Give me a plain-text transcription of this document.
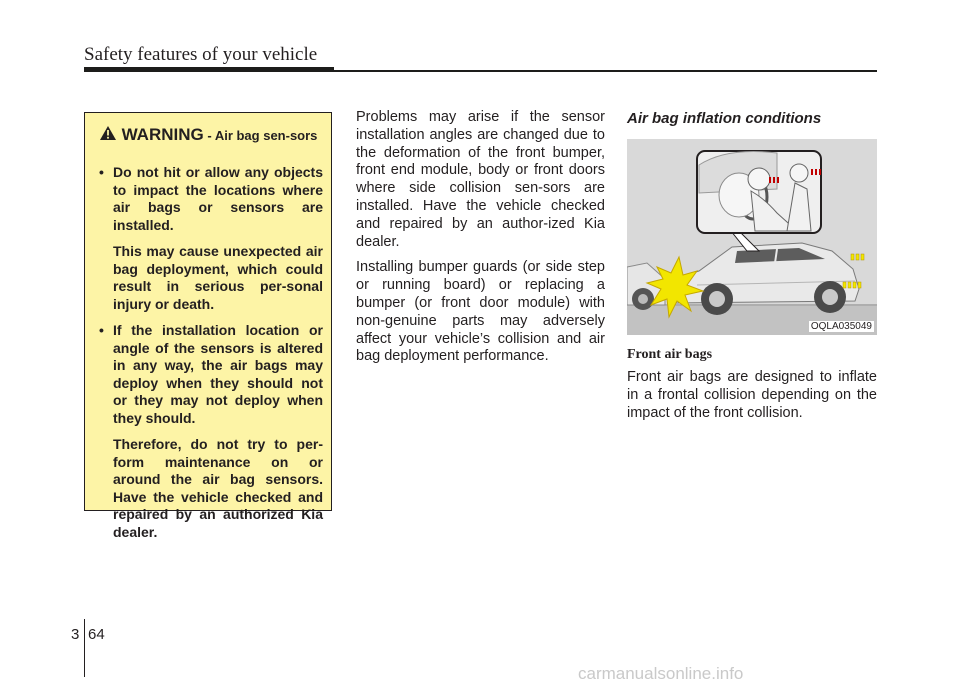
Safety features of your vehicle
WARNING - Air bag sen-sors
• Do not hit or allow any objects to impact the locations where air bags or sensors are installed.
This may cause unexpected air bag deployment, which could result in serious per-sonal injury or death.
• If the installation location or angle of the sensors is altered in any way, the air bags may deploy when they should not or they may not deploy when they should.
Therefore, do not try to per-form maintenance on or around the air bag sensors. Have the vehicle checked and repaired by an authorized Kia dealer.

Problems may arise if the sensor installation angles are changed due to the deformation of the front bumper, front end module, body or front doors where side collision sen-sors are installed. Have the vehicle checked and repaired by an author-ized Kia dealer.

Installing bumper guards (or side step or running board) or replacing a bumper (or front door module) with non-genuine parts may adversely affect your vehicle’s collision and air bag deployment performance.

Air bag inflation conditions
OQLA035049
Front air bags

Front air bags are designed to inflate in a frontal collision depending on the impact of the front collision.

3 64
carmanualsonline.info
